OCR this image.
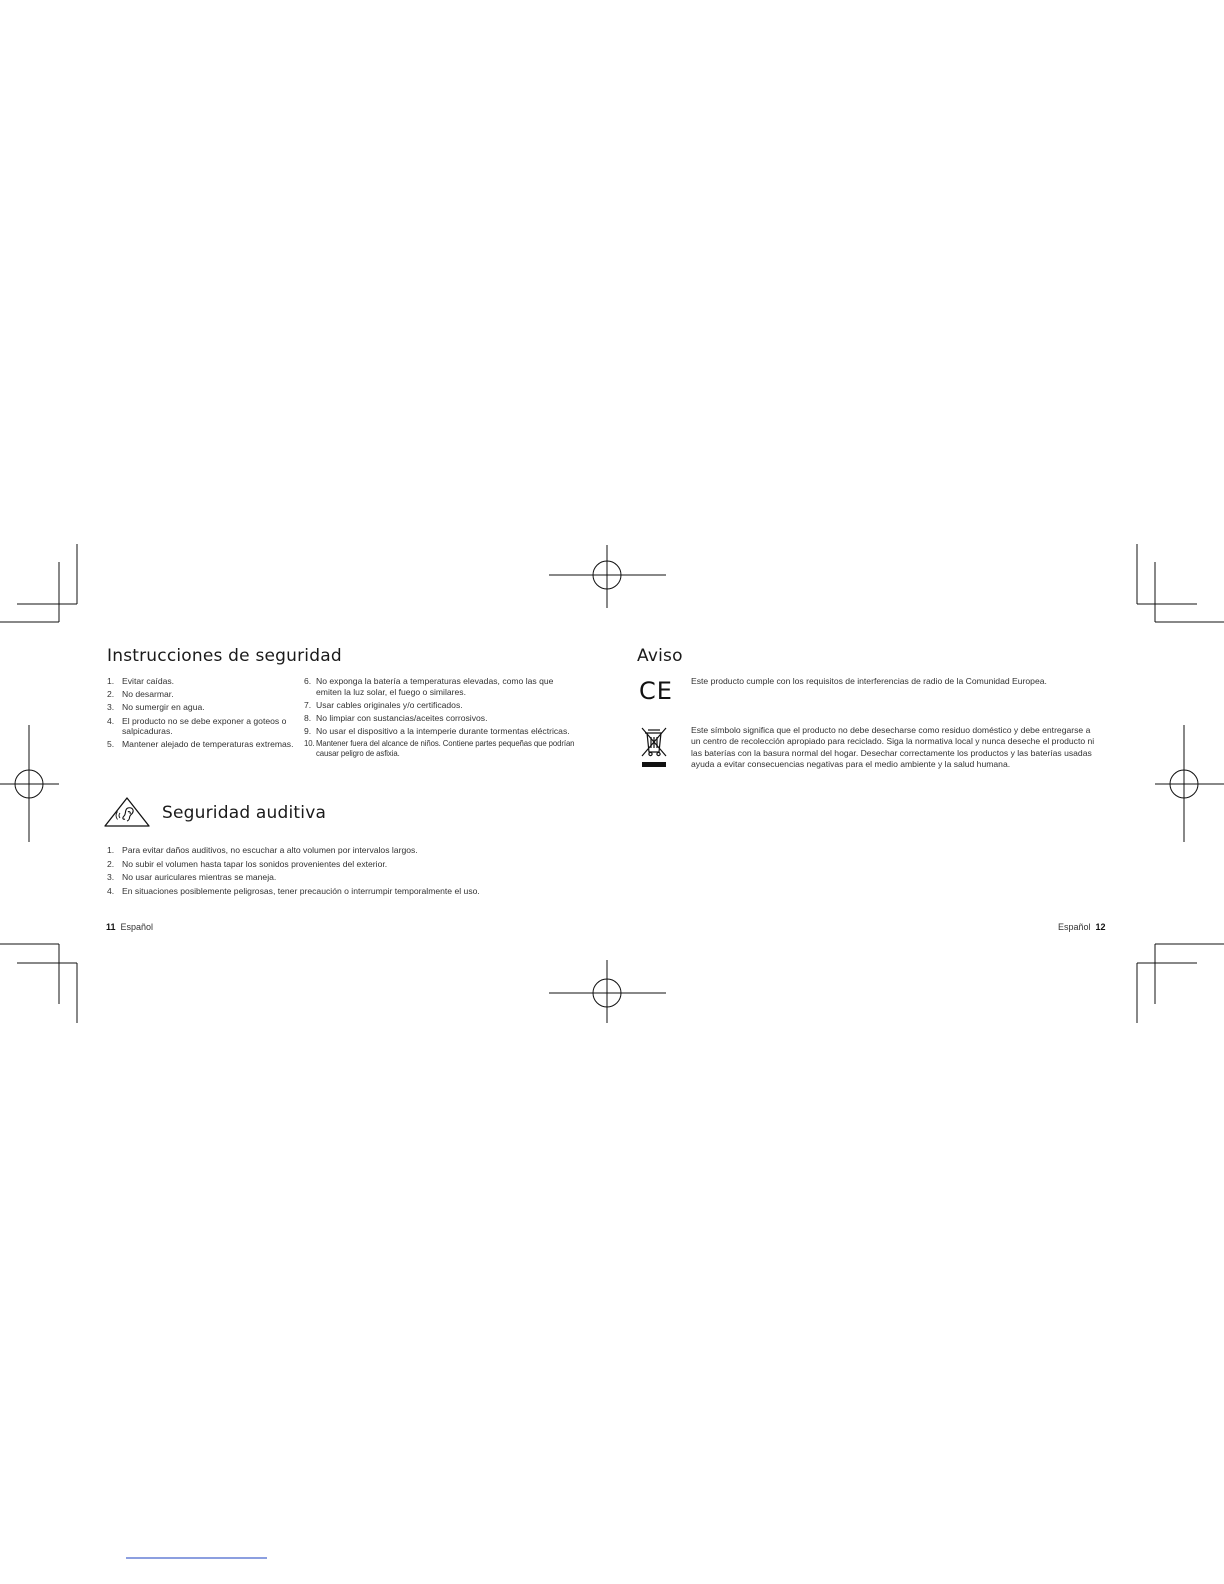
Instrucciones de seguridad
1. Evitar caídas.
2. No desarmar.
3. No sumergir en agua.
4. El producto no se debe exponer a goteos o salpicaduras.
5. Mantener alejado de temperaturas extremas.
6. No exponga la batería a temperaturas elevadas, como las que emiten la luz solar, el fuego o similares.
7. Usar cables originales y/o certificados.
8. No limpiar con sustancias/aceites corrosivos.
9. No usar el dispositivo a la intemperie durante tormentas eléctricas.
10. Mantener fuera del alcance de niños. Contiene partes pequeñas que podrían causar peligro de asfixia.
Seguridad auditiva
1. Para evitar daños auditivos, no escuchar a alto volumen por intervalos largos.
2. No subir el volumen hasta tapar los sonidos provenientes del exterior.
3. No usar auriculares mientras se maneja.
4. En situaciones posiblemente peligrosas, tener precaución o interrumpir temporalmente el uso.
11 Español
Aviso
CE Este producto cumple con los requisitos de interferencias de radio de la Comunidad Europea.

Este símbolo significa que el producto no debe desecharse como residuo doméstico y debe entregarse a un centro de recolección apropiado para reciclado. Siga la normativa local y nunca deseche el producto ni las baterías con la basura normal del hogar. Desechar correctamente los productos y las baterías usadas ayuda a evitar consecuencias negativas para el medio ambiente y la salud humana.

Español 12
